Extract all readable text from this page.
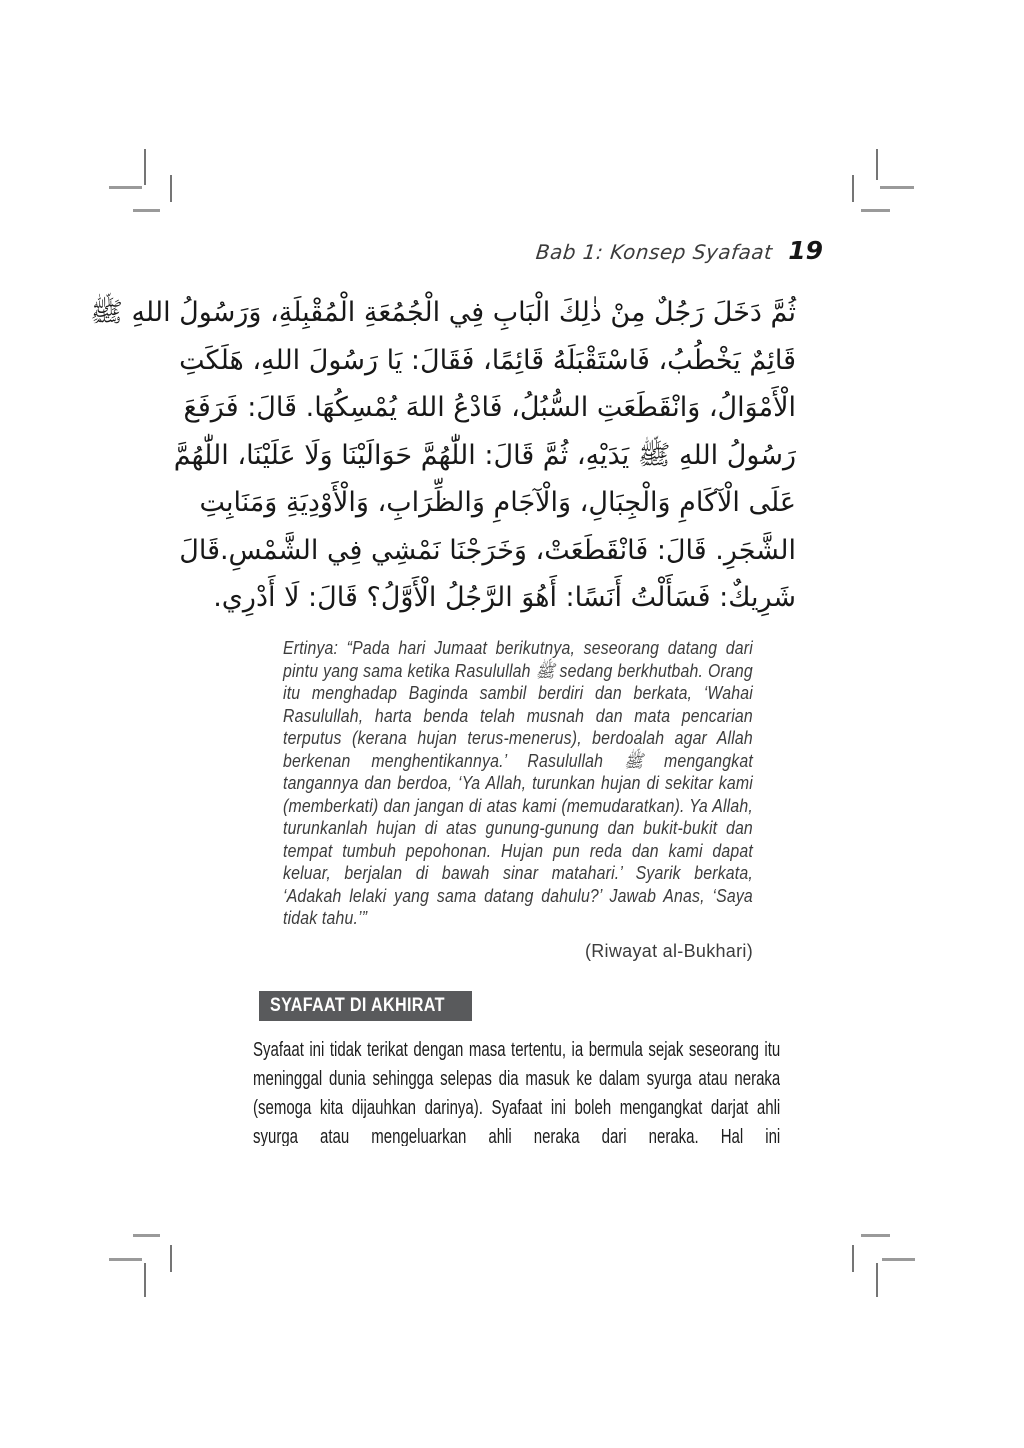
Bab 1: Konsep Syafaat 19
ثُمَّ دَخَلَ رَجُلٌ مِنْ ذٰلِكَ الْبَابِ فِي الْجُمُعَةِ الْمُقْبِلَةِ، وَرَسُولُ اللهِ ﷺ
قَائِمٌ يَخْطُبُ، فَاسْتَقْبَلَهُ قَائِمًا، فَقَالَ: يَا رَسُولَ اللهِ، هَلَكَتِ
الْأَمْوَالُ، وَانْقَطَعَتِ السُّبُلُ، فَادْعُ اللهَ يُمْسِكُهَا. قَالَ: فَرَفَعَ
رَسُولُ اللهِ ﷺ يَدَيْهِ، ثُمَّ قَالَ: اللّٰهُمَّ حَوَالَيْنَا وَلَا عَلَيْنَا، اللّٰهُمَّ
عَلَى الْآكَامِ وَالْجِبَالِ، وَالْآجَامِ وَالظِّرَابِ، وَالْأَوْدِيَةِ وَمَنَابِتِ
الشَّجَرِ. قَالَ: فَانْقَطَعَتْ، وَخَرَجْنَا نَمْشِي فِي الشَّمْسِ.قَالَ
شَرِيكٌ: فَسَأَلْتُ أَنَسًا: أَهُوَ الرَّجُلُ الْأَوَّلُ؟ قَالَ: لَا أَدْرِي.
Ertinya: “Pada hari Jumaat berikutnya, seseorang datang dari pintu yang sama ketika Rasulullah ﷺ sedang berkhutbah. Orang itu menghadap Baginda sambil berdiri dan berkata, ‘Wahai Rasulullah, harta benda telah musnah dan mata pencarian terputus (kerana hujan terus-menerus), berdoalah agar Allah berkenan menghentikannya.’ Rasulullah ﷺ mengangkat tangannya dan berdoa, ‘Ya Allah, turunkan hujan di sekitar kami (memberkati) dan jangan di atas kami (memudaratkan). Ya Allah, turunkanlah hujan di atas gunung-gunung dan bukit-bukit dan tempat tumbuh pepohonan. Hujan pun reda dan kami dapat keluar, berjalan di bawah sinar matahari.’ Syarik berkata, ‘Adakah lelaki yang sama datang dahulu?’ Jawab Anas, ‘Saya tidak tahu.’”
(Riwayat al-Bukhari)
SYAFAAT DI AKHIRAT
Syafaat ini tidak terikat dengan masa tertentu, ia bermula sejak seseorang itu meninggal dunia sehingga selepas dia masuk ke dalam syurga atau neraka (semoga kita dijauhkan darinya). Syafaat ini boleh mengangkat darjat ahli syurga atau mengeluarkan ahli neraka dari neraka. Hal ini
